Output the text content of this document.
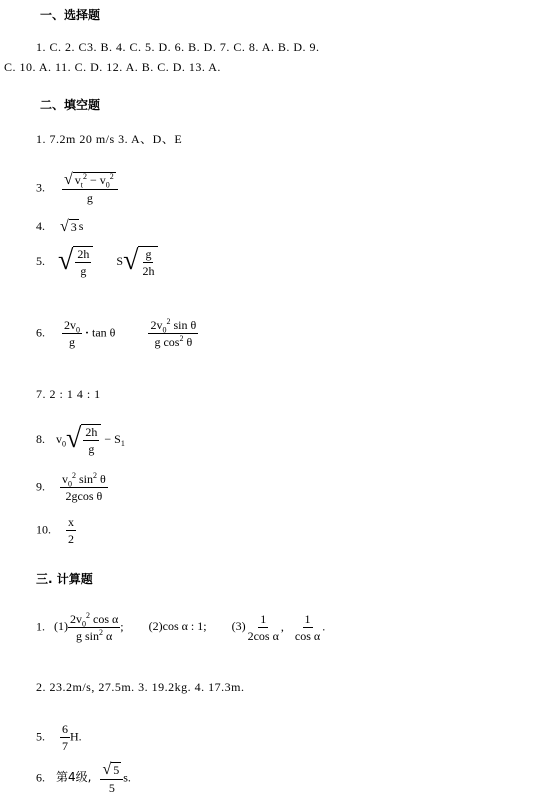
一、选择题
1. C. 2. C3. B. 4. C. 5. D. 6. B. D. 7. C. 8. A. B. D. 9.
C. 10. A. 11. C. D. 12. A. B. C. D. 13. A.
二、填空题
1. 7.2m 20 m/s 3. A、D、E
3. $\frac{√ v_t^2 - v_0^2}{g}$
4. √ 3 s
5. √ $\frac{2h}{g}$ S √ $\frac{g}{2h}$
6. $\frac{2v_0}{g} \cdot \tan \theta$	$\frac{2v_0^2 \sin \theta}{g \cos^2 \theta}$
7. 2 : 1 4 : 1
8. $v_0$ √ $\frac{2h}{g} - S_1$
9. $\frac{v_0^2 \sin^2 \theta}{\text{2gcos θ}}$
10. $\frac{x}{2}$
三. 计算题
1. $(1) \frac{2v_0^2 \cos \alpha}{g \sin^2 \alpha}$ ; (2)cos α : 1; $(3) \frac{1}{\text{2cos α}}$ , $\frac{1}{\text{cos α}}$ .
2. 23.2m/s, 27.5m. 3. 19.2kg. 4. 17.3m.
5. $\frac{6}{7} H$.
6. 第4级, $\frac{√ 5}{5} s$.
